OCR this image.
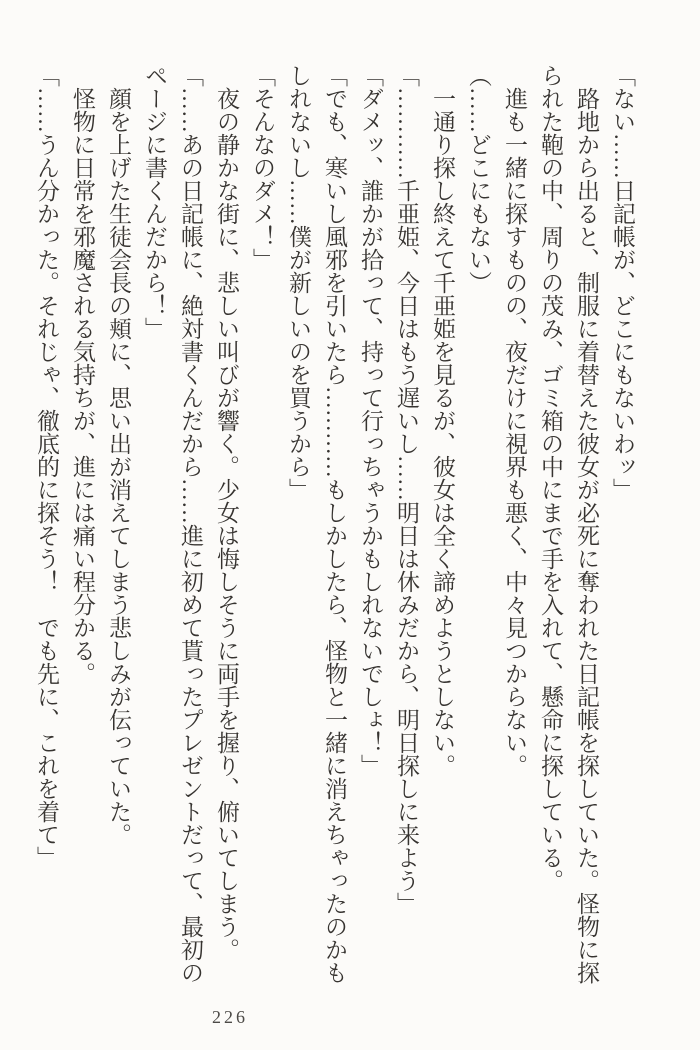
「ない……日記帳が、どこにもないわッ」

路地から出ると、制服に着替えた彼女が必死に奪われた日記帳を探していた。怪物に探

られた鞄の中、周りの茂み、ゴミ箱の中にまで手を入れて、懸命に探している。

進も一緒に探すものの、夜だけに視界も悪く、中々見つからない。

（……どこにもない）

一通り探し終えて千亜姫を見るが、彼女は全く諦めようとしない。

「…………千亜姫、今日はもう遅いし……明日は休みだから、明日探しに来よう」

「ダメッ、誰かが拾って、持って行っちゃうかもしれないでしょ！」

「でも、寒いし風邪を引いたら…………もしかしたら、怪物と一緒に消えちゃったのかも

しれないし……僕が新しいのを買うから」

「そんなのダメ！」

夜の静かな街に、悲しい叫びが響く。少女は悔しそうに両手を握り、俯いてしまう。

「……あの日記帳に、絶対書くんだから……進に初めて貰ったプレゼントだって、最初の

ページに書くんだから！」

顔を上げた生徒会長の頬に、思い出が消えてしまう悲しみが伝っていた。

怪物に日常を邪魔される気持ちが、進には痛い程分かる。

「……うん分かった。それじゃ、徹底的に探そう！　でも先に、これを着て」

226
